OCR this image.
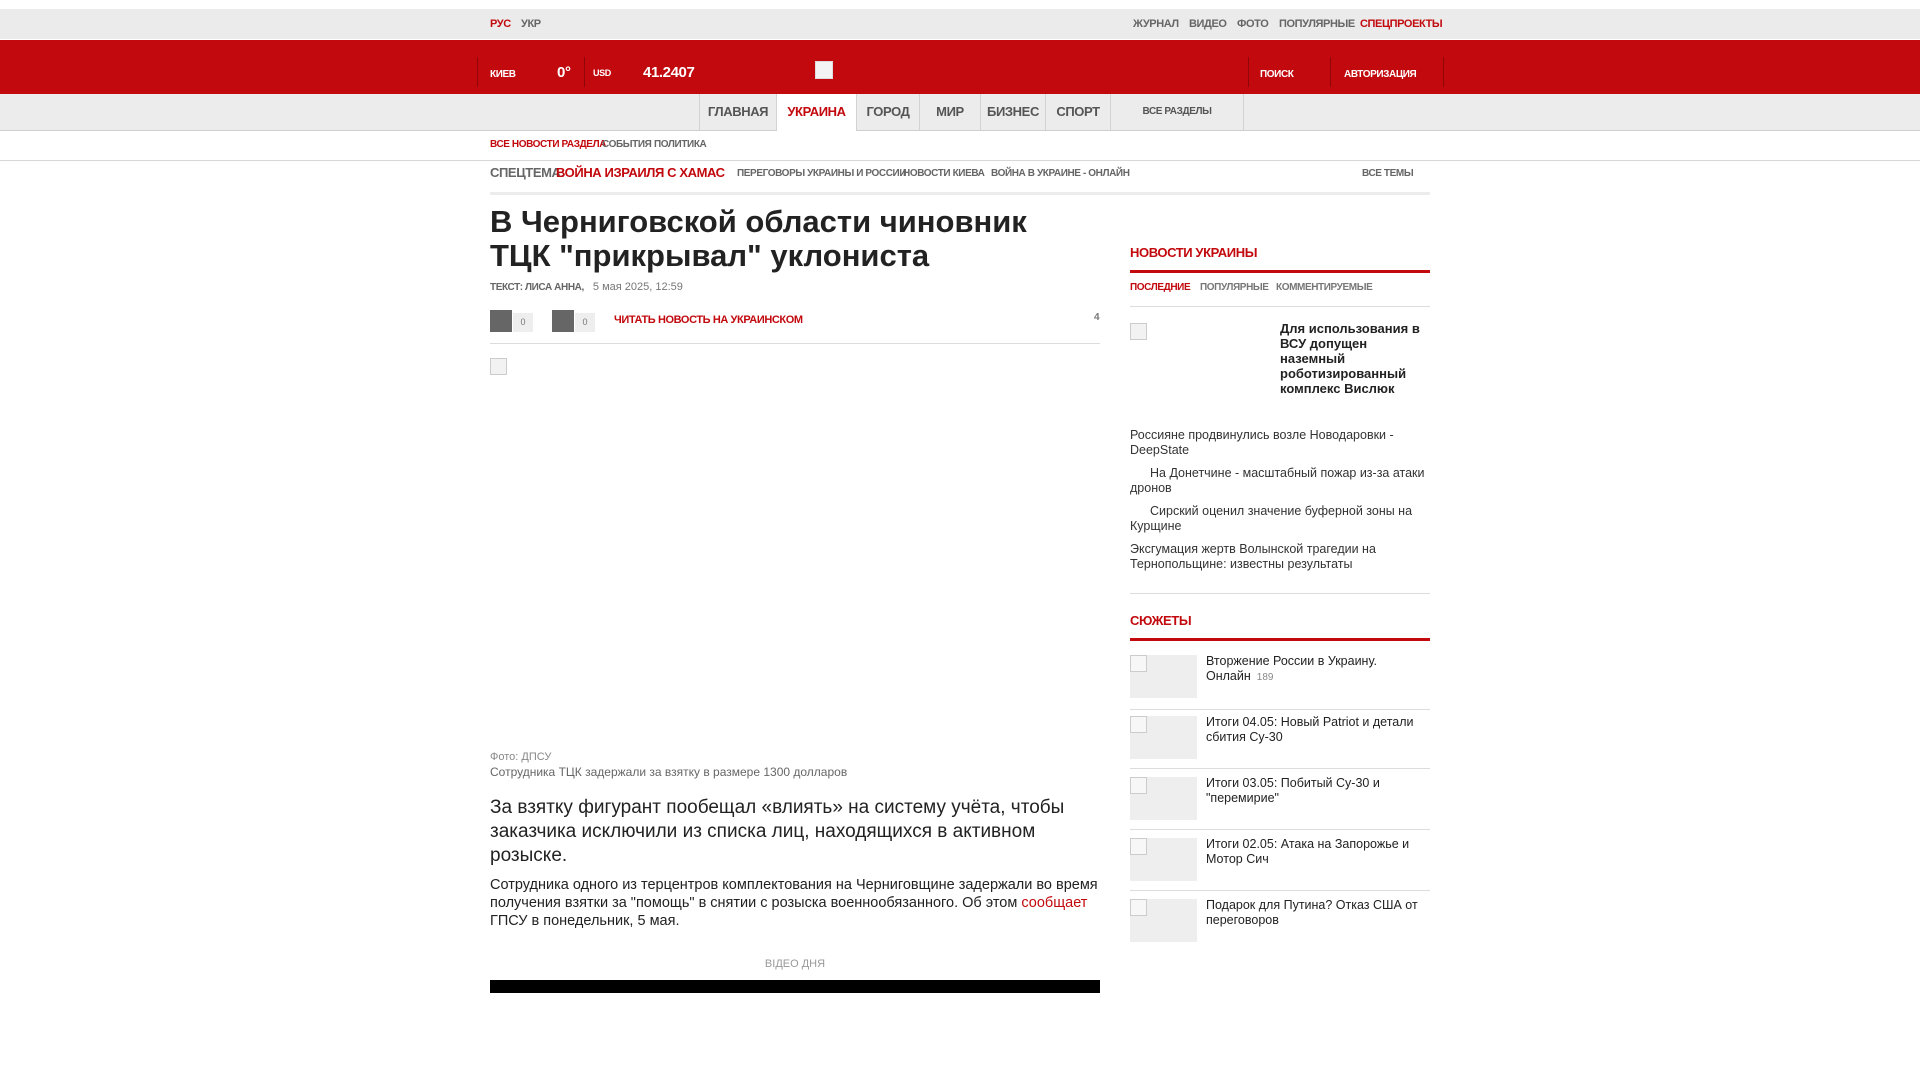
РУС УКР	ЖУРНАЛ ВИДЕО ФОТО ПОПУЛЯРНЫЕ СПЕЦПРОЕКТЫ
КИЕВ	0° USD 41.2407	ПОИСК	АВТОРИЗАЦИЯ
ГЛАВНАЯ	УКРАИНА	ГОРОД	МИР	БИЗНЕС	СПОРТ	ВСЕ РАЗДЕЛЫ
ВСЕ НОВОСТИ РАЗДЕЛА
СОБЫТИЯ ПОЛИТИКА
СПЕЦТЕМА:
ВОЙНА ИЗРАИЛЯ С ХАМАС ПЕРЕГОВОРЫ УКРАИНЫ И РОССИИ
НОВОСТИ КИЕВА ВОЙНА В УКРАИНЕ - ОНЛАЙН	ВСЕ ТЕМЫ
В Черниговской области чиновник ТЦК "прикрывал" уклониста
ТЕКСТ: ЛИСА АННА, 5 мая 2025, 12:59
0	0	ЧИТАТЬ НОВОСТЬ НА УКРАИНСКОМ	4
Фото: ДПСУ
Сотрудника ТЦК задержали за взятку в размере 1300 долларов

За взятку фигурант пообещал «влиять» на систему учёта, чтобы заказчика исключили из списка лиц, находящихся в активном розыске.

Сотрудника одного из терцентров комплектования на Черниговщине задержали во время получения взятки за "помощь" в снятии с розыска военнообязанного. Об этом сообщает ГПСУ в понедельник, 5 мая.

ВІДЕО ДНЯ
НОВОСТИ УКРАИНЫ
ПОСЛЕДНИЕ ПОПУЛЯРНЫЕ КОММЕНТИРУЕМЫЕ
Для использования в ВСУ допущен наземный роботизированный комплекс Вислюк
Россияне продвинулись возле Новодаровки - DeepState
На Донетчине - масштабный пожар из-за атаки дронов
Сирский оценил значение буферной зоны на Курщине
Эксгумация жертв Волынской трагедии на Тернопольщине: известны результаты
СЮЖЕТЫ
Вторжение России в Украину. Онлайн 189
Итоги 04.05: Новый Patriot и детали сбития Су-30
Итоги 03.05: Побитый Су-30 и "перемирие"
Итоги 02.05: Атака на Запорожье и Мотор Сич
Подарок для Путина? Отказ США от переговоров
